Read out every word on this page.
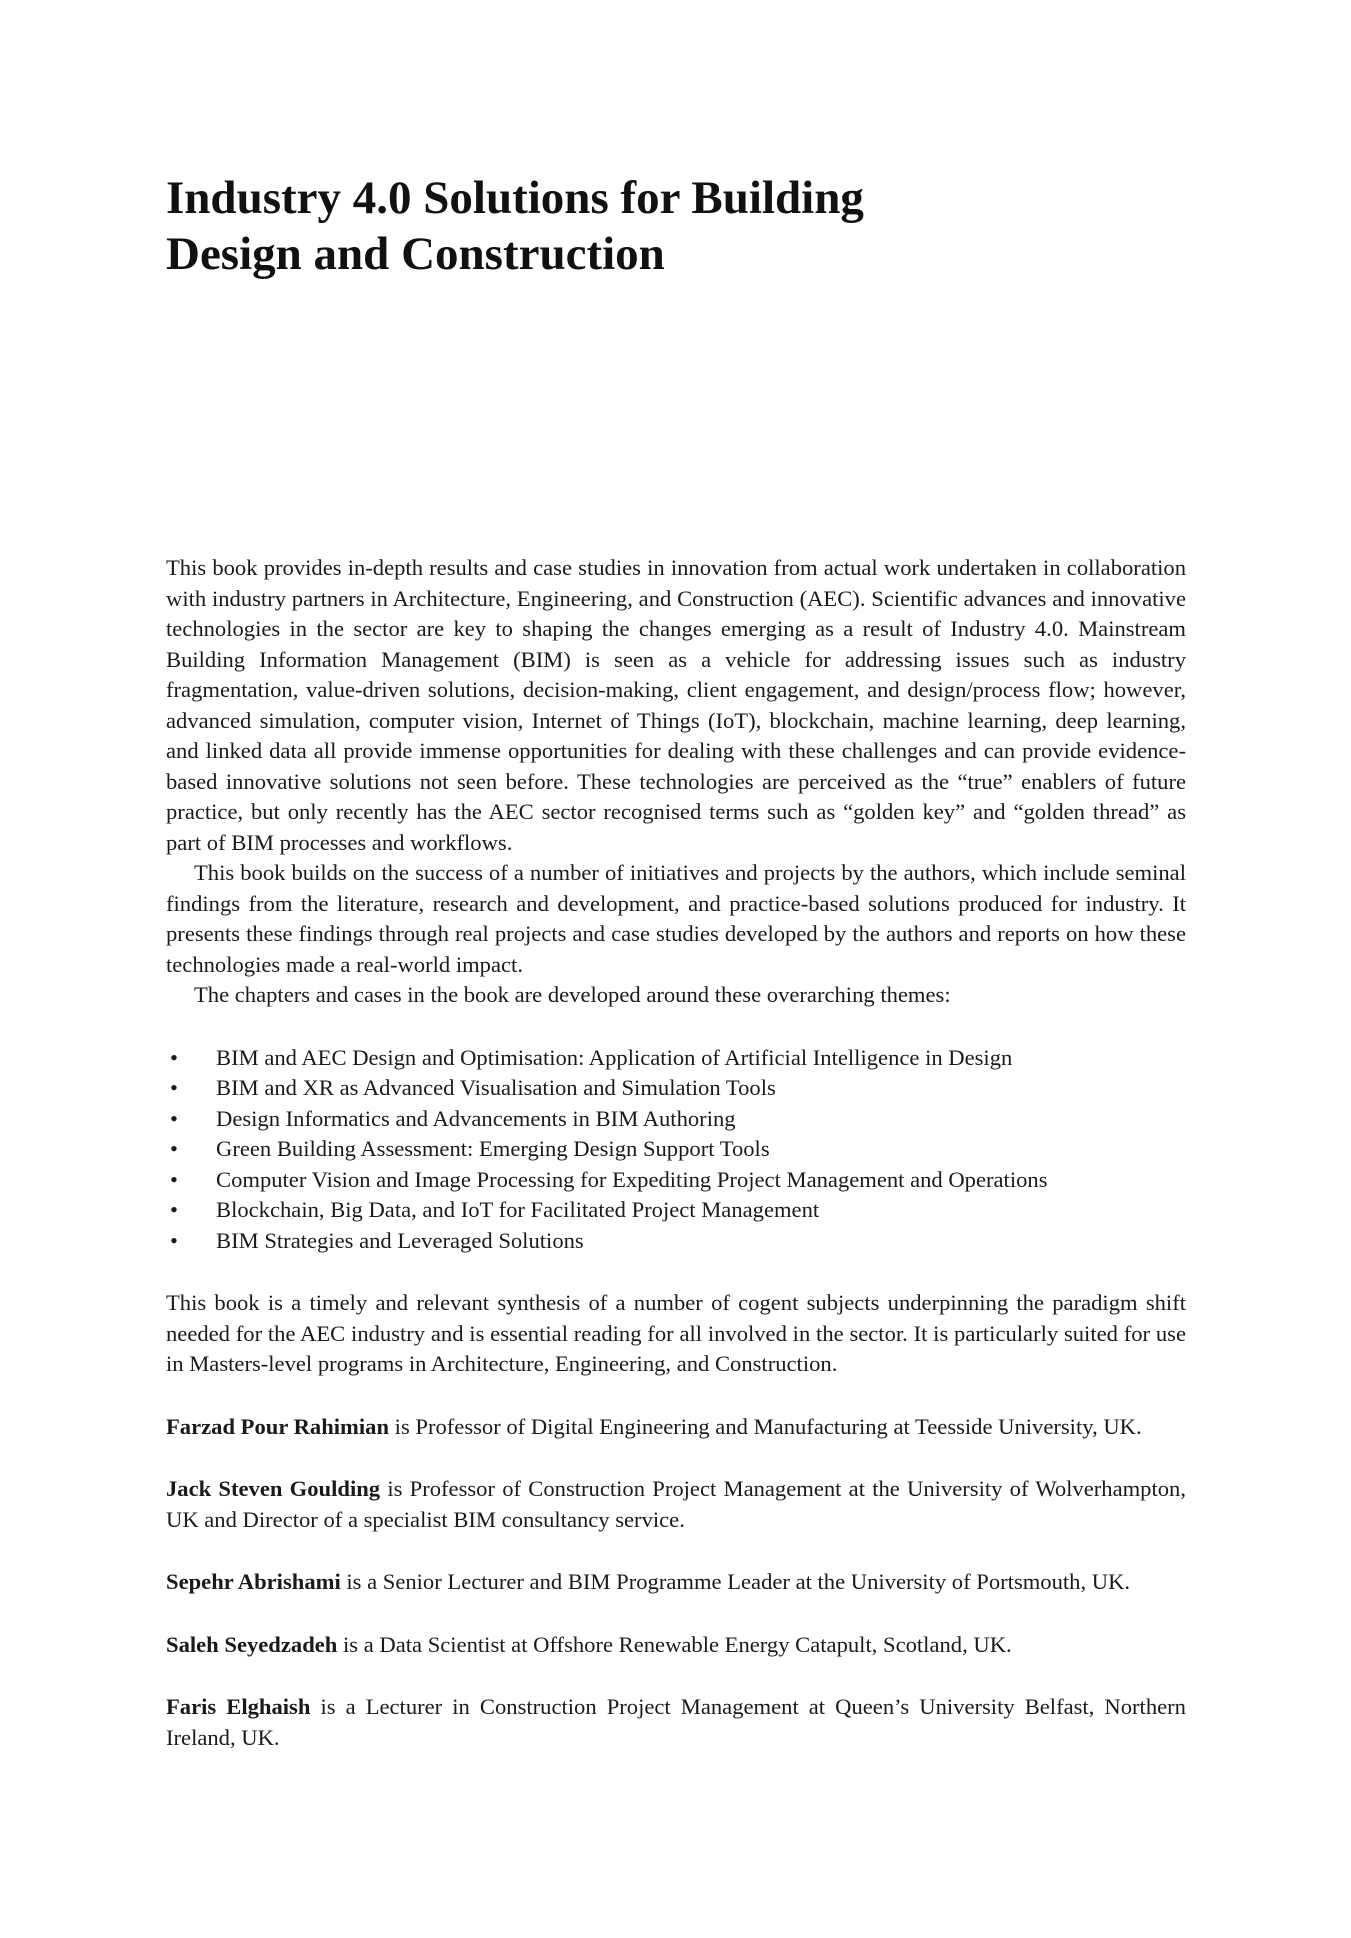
Industry 4.0 Solutions for Building
Design and Construction

This book provides in-depth results and case studies in innovation from actual work undertaken in collaboration with industry partners in Architecture, Engineering, and Construction (AEC). Scientific advances and innovative technologies in the sector are key to shaping the changes emerging as a result of Industry 4.0. Mainstream Building Information Management (BIM) is seen as a vehicle for addressing issues such as industry fragmentation, value-driven solutions, decision-making, client engagement, and design/process flow; however, advanced simulation, computer vision, Internet of Things (IoT), blockchain, machine learning, deep learning, and linked data all provide immense opportunities for dealing with these challenges and can provide evidence-based innovative solutions not seen before. These technologies are perceived as the “true” enablers of future practice, but only recently has the AEC sector recognised terms such as “golden key” and “golden thread” as part of BIM processes and workflows.

This book builds on the success of a number of initiatives and projects by the authors, which include seminal findings from the literature, research and development, and practice-based solutions produced for industry. It presents these findings through real projects and case studies developed by the authors and reports on how these technologies made a real-world impact.

The chapters and cases in the book are developed around these overarching themes:

• BIM and AEC Design and Optimisation: Application of Artificial Intelligence in Design
• BIM and XR as Advanced Visualisation and Simulation Tools
• Design Informatics and Advancements in BIM Authoring
• Green Building Assessment: Emerging Design Support Tools
• Computer Vision and Image Processing for Expediting Project Management and Operations
• Blockchain, Big Data, and IoT for Facilitated Project Management
• BIM Strategies and Leveraged Solutions

This book is a timely and relevant synthesis of a number of cogent subjects underpinning the paradigm shift needed for the AEC industry and is essential reading for all involved in the sector. It is particularly suited for use in Masters-level programs in Architecture, Engineering, and Construction.

Farzad Pour Rahimian is Professor of Digital Engineering and Manufacturing at Teesside University, UK.

Jack Steven Goulding is Professor of Construction Project Management at the University of Wolverhampton, UK and Director of a specialist BIM consultancy service.

Sepehr Abrishami is a Senior Lecturer and BIM Programme Leader at the University of Portsmouth, UK.

Saleh Seyedzadeh is a Data Scientist at Offshore Renewable Energy Catapult, Scotland, UK.

Faris Elghaish is a Lecturer in Construction Project Management at Queen’s University Belfast, Northern Ireland, UK.
